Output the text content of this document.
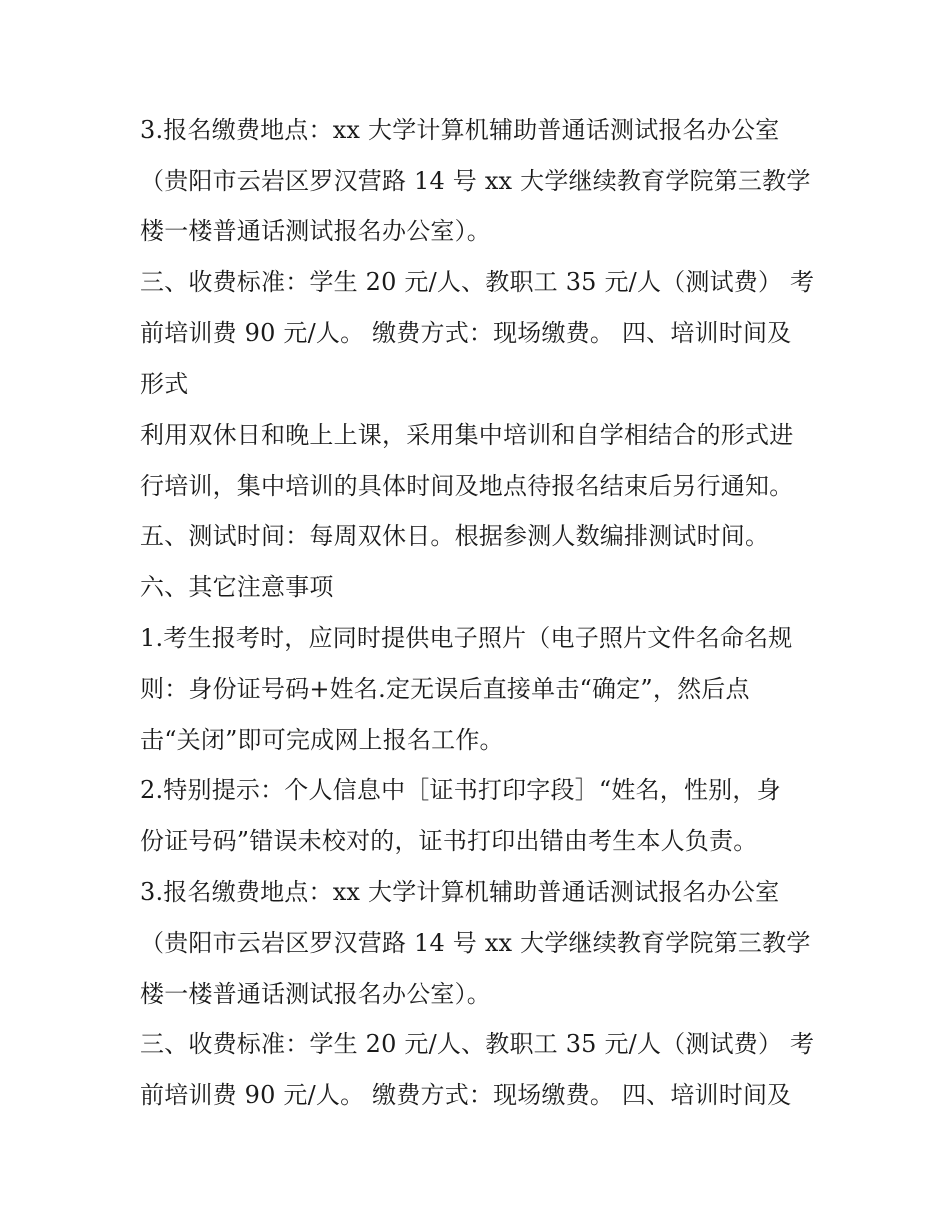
3.报名缴费地点：xx 大学计算机辅助普通话测试报名办公室
（贵阳市云岩区罗汉营路 14 号 xx 大学继续教育学院第三教学
楼一楼普通话测试报名办公室）。
三、收费标准：学生 20 元/人、教职工 35 元/人（测试费） 考
前培训费 90 元/人。 缴费方式：现场缴费。 四、培训时间及
形式
利用双休日和晚上上课，采用集中培训和自学相结合的形式进
行培训，集中培训的具体时间及地点待报名结束后另行通知。
五、测试时间：每周双休日。根据参测人数编排测试时间。
六、其它注意事项
1.考生报考时，应同时提供电子照片（电子照片文件名命名规
则：身份证号码+姓名.定无误后直接单击“确定”，然后点
击“关闭”即可完成网上报名工作。
2.特别提示：个人信息中［证书打印字段］“姓名，性别，身
份证号码”错误未校对的，证书打印出错由考生本人负责。
3.报名缴费地点：xx 大学计算机辅助普通话测试报名办公室
（贵阳市云岩区罗汉营路 14 号 xx 大学继续教育学院第三教学
楼一楼普通话测试报名办公室）。
三、收费标准：学生 20 元/人、教职工 35 元/人（测试费） 考
前培训费 90 元/人。 缴费方式：现场缴费。 四、培训时间及
